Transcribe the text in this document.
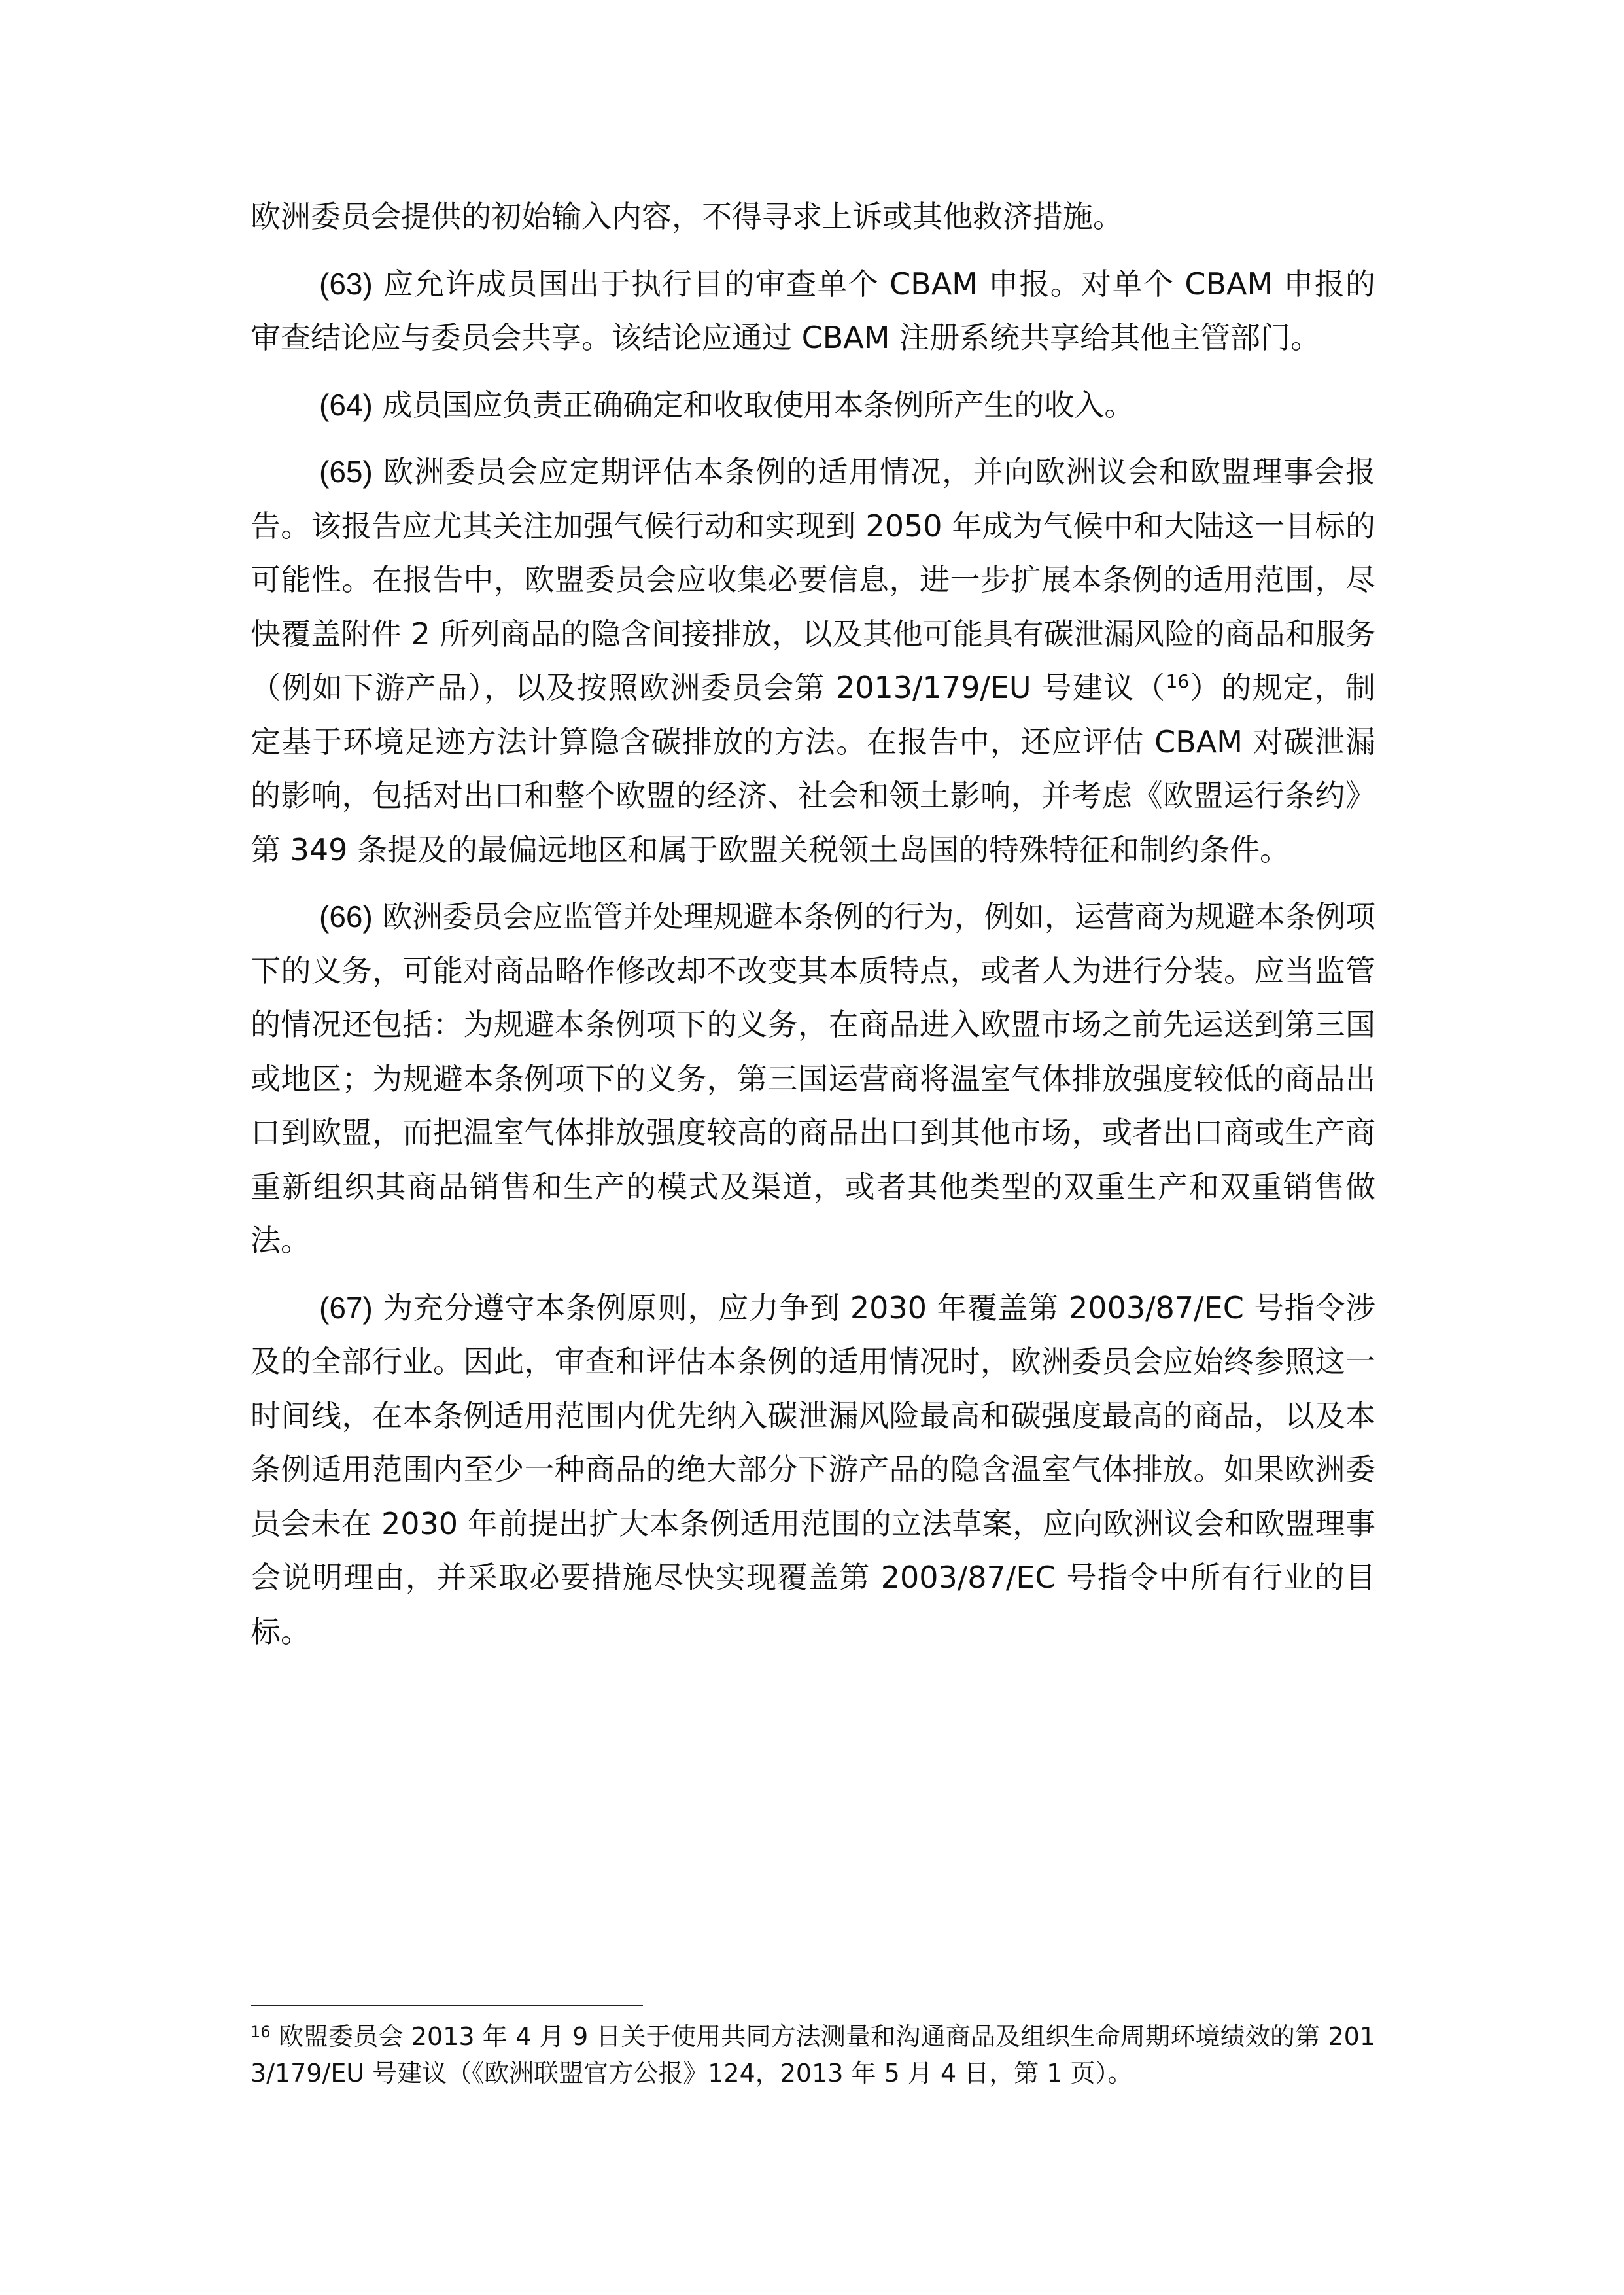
欧洲委员会提供的初始输入内容，不得寻求上诉或其他救济措施。

(63) 应允许成员国出于执行目的审查单个 CBAM 申报。对单个 CBAM 申报的审查结论应与委员会共享。该结论应通过 CBAM 注册系统共享给其他主管部门。

(64) 成员国应负责正确确定和收取使用本条例所产生的收入。

(65) 欧洲委员会应定期评估本条例的适用情况，并向欧洲议会和欧盟理事会报告。该报告应尤其关注加强气候行动和实现到 2050 年成为气候中和大陆这一目标的可能性。在报告中，欧盟委员会应收集必要信息，进一步扩展本条例的适用范围，尽快覆盖附件 2 所列商品的隐含间接排放，以及其他可能具有碳泄漏风险的商品和服务（例如下游产品），以及按照欧洲委员会第 2013/179/EU 号建议（$^{16}$）的规定，制定基于环境足迹方法计算隐含碳排放的方法。在报告中，还应评估 CBAM 对碳泄漏的影响，包括对出口和整个欧盟的经济、社会和领土影响，并考虑《欧盟运行条约》第 349 条提及的最偏远地区和属于欧盟关税领土岛国的特殊特征和制约条件。

(66) 欧洲委员会应监管并处理规避本条例的行为，例如，运营商为规避本条例项下的义务，可能对商品略作修改却不改变其本质特点，或者人为进行分装。应当监管的情况还包括：为规避本条例项下的义务，在商品进入欧盟市场之前先运送到第三国或地区；为规避本条例项下的义务，第三国运营商将温室气体排放强度较低的商品出口到欧盟，而把温室气体排放强度较高的商品出口到其他市场，或者出口商或生产商重新组织其商品销售和生产的模式及渠道，或者其他类型的双重生产和双重销售做法。

(67) 为充分遵守本条例原则，应力争到 2030 年覆盖第 2003/87/EC 号指令涉及的全部行业。因此，审查和评估本条例的适用情况时，欧洲委员会应始终参照这一时间线，在本条例适用范围内优先纳入碳泄漏风险最高和碳强度最高的商品，以及本条例适用范围内至少一种商品的绝大部分下游产品的隐含温室气体排放。如果欧洲委员会未在 2030 年前提出扩大本条例适用范围的立法草案，应向欧洲议会和欧盟理事会说明理由，并采取必要措施尽快实现覆盖第 2003/87/EC 号指令中所有行业的目标。

$^{16}$ 欧盟委员会 2013 年 4 月 9 日关于使用共同方法测量和沟通商品及组织生命周期环境绩效的第 2013/179/EU 号建议（《欧洲联盟官方公报》124，2013 年 5 月 4 日，第 1 页）。
